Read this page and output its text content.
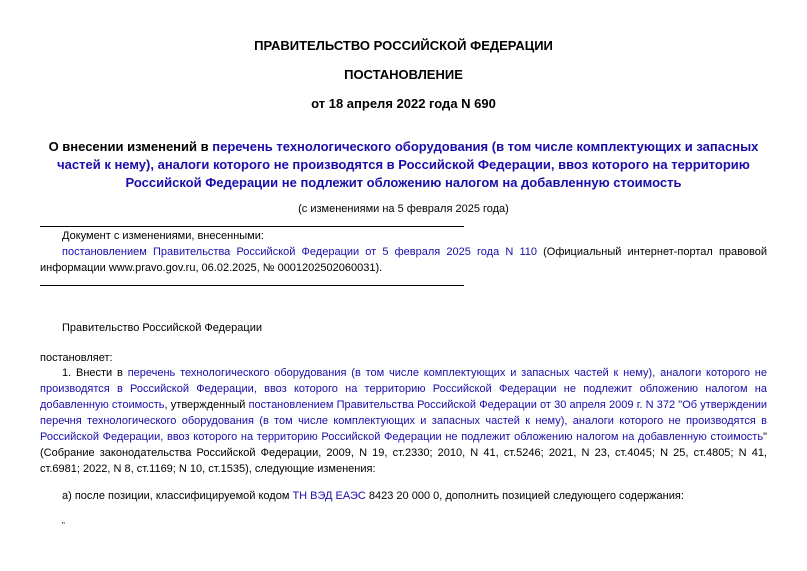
ПРАВИТЕЛЬСТВО РОССИЙСКОЙ ФЕДЕРАЦИИ
ПОСТАНОВЛЕНИЕ
от 18 апреля 2022 года N 690
О внесении изменений в перечень технологического оборудования (в том числе комплектующих и запасных частей к нему), аналоги которого не производятся в Российской Федерации, ввоз которого на территорию Российской Федерации не подлежит обложению налогом на добавленную стоимость
(с изменениями на 5 февраля 2025 года)
Документ с изменениями, внесенными:
постановлением Правительства Российской Федерации от 5 февраля 2025 года N 110 (Официальный интернет-портал правовой информации www.pravo.gov.ru, 06.02.2025, № 0001202502060031).
Правительство Российской Федерации
постановляет:
1. Внести в перечень технологического оборудования (в том числе комплектующих и запасных частей к нему), аналоги которого не производятся в Российской Федерации, ввоз которого на территорию Российской Федерации не подлежит обложению налогом на добавленную стоимость, утвержденный постановлением Правительства Российской Федерации от 30 апреля 2009 г. N 372 "Об утверждении перечня технологического оборудования (в том числе комплектующих и запасных частей к нему), аналоги которого не производятся в Российской Федерации, ввоз которого на территорию Российской Федерации не подлежит обложению налогом на добавленную стоимость" (Собрание законодательства Российской Федерации, 2009, N 19, ст.2330; 2010, N 41, ст.5246; 2021, N 23, ст.4045; N 25, ст.4805; N 41, ст.6981; 2022, N 8, ст.1169; N 10, ст.1535), следующие изменения:
а) после позиции, классифицируемой кодом ТН ВЭД ЕАЭС 8423 20 000 0, дополнить позицией следующего содержания:
"
